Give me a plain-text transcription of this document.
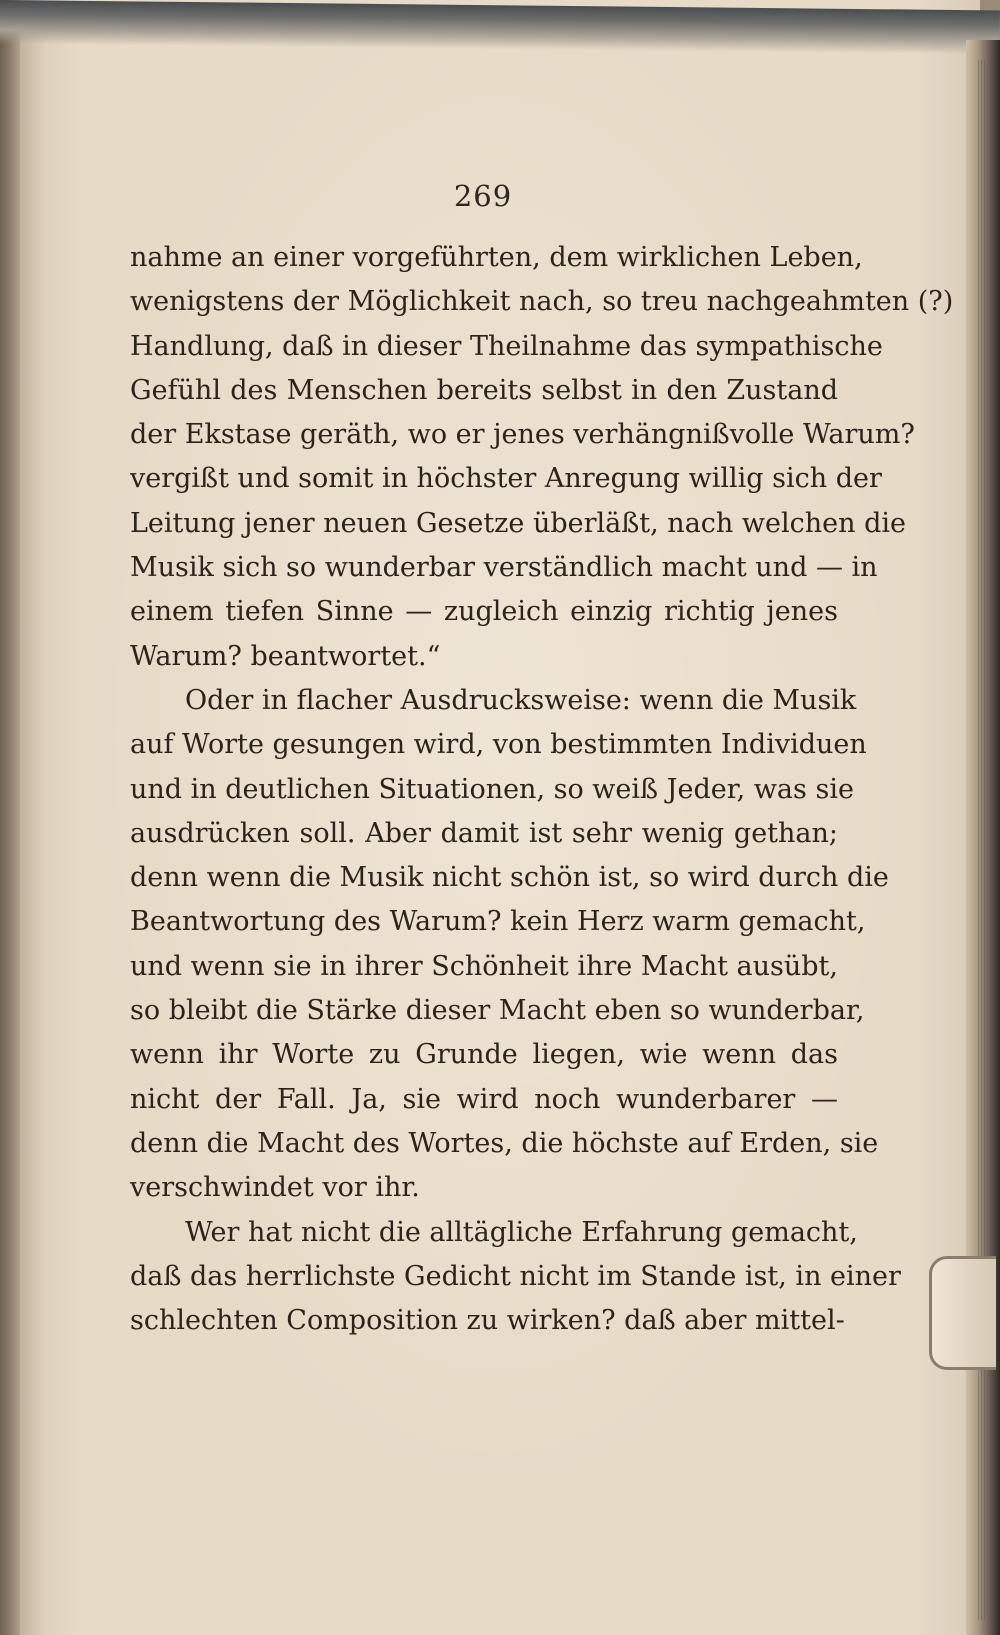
269
nahme an einer vorgeführten, dem wirklichen Leben,
wenigstens der Möglichkeit nach, so treu nachgeahmten (?)
Handlung, daß in dieser Theilnahme das sympathische
Gefühl des Menschen bereits selbst in den Zustand
der Ekstase geräth, wo er jenes verhängnißvolle Warum?
vergißt und somit in höchster Anregung willig sich der
Leitung jener neuen Gesetze überläßt, nach welchen die
Musik sich so wunderbar verständlich macht und — in
einem tiefen Sinne — zugleich einzig richtig jenes
Warum? beantwortet.“
Oder in flacher Ausdrucksweise: wenn die Musik
auf Worte gesungen wird, von bestimmten Individuen
und in deutlichen Situationen, so weiß Jeder, was sie
ausdrücken soll. Aber damit ist sehr wenig gethan;
denn wenn die Musik nicht schön ist, so wird durch die
Beantwortung des Warum? kein Herz warm gemacht,
und wenn sie in ihrer Schönheit ihre Macht ausübt,
so bleibt die Stärke dieser Macht eben so wunderbar,
wenn ihr Worte zu Grunde liegen, wie wenn das
nicht der Fall. Ja, sie wird noch wunderbarer —
denn die Macht des Wortes, die höchste auf Erden, sie
verschwindet vor ihr.
Wer hat nicht die alltägliche Erfahrung gemacht,
daß das herrlichste Gedicht nicht im Stande ist, in einer
schlechten Composition zu wirken? daß aber mittel-
